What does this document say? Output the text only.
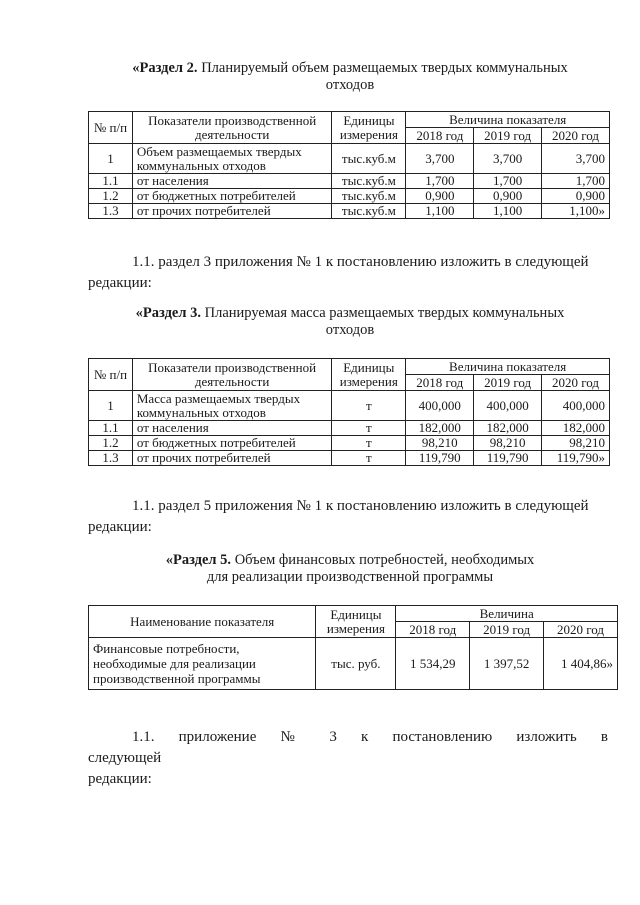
«Раздел 2. Планируемый объем размещаемых твердых коммунальных
отходов
№ п/п	Показатели производственной деятельности	Единицы измерения	Величина показателя		
			2018 год	2019 год	2020 год
1	Объем размещаемых твердых коммунальных отходов	тыс.куб.м	3,700	3,700	3,700
1.1	от населения	тыс.куб.м	1,700	1,700	1,700
1.2	от бюджетных потребителей	тыс.куб.м	0,900	0,900	0,900
1.3	от прочих потребителей	тыс.куб.м	1,100	1,100	1,100»
1.1. раздел 3 приложения № 1 к постановлению изложить в следующей
редакции:
«Раздел 3. Планируемая масса размещаемых твердых коммунальных
отходов
№ п/п	Показатели производственной деятельности	Единицы измерения	Величина показателя		
			2018 год	2019 год	2020 год
1	Масса размещаемых твердых коммунальных отходов	т	400,000	400,000	400,000
1.1	от населения	т	182,000	182,000	182,000
1.2	от бюджетных потребителей	т	98,210	98,210	98,210
1.3	от прочих потребителей	т	119,790	119,790	119,790»
1.1. раздел 5 приложения № 1 к постановлению изложить в следующей
редакции:
«Раздел 5. Объем финансовых потребностей, необходимых
для реализации производственной программы
Наименование показателя	Единицы измерения	Величина		
		2018 год	2019 год	2020 год
Финансовые потребности, необходимые для реализации производственной программы	тыс. руб.	1 534,29	1 397,52	1 404,86»
1.1. приложение № 3 к постановлению изложить в следующей
редакции:
